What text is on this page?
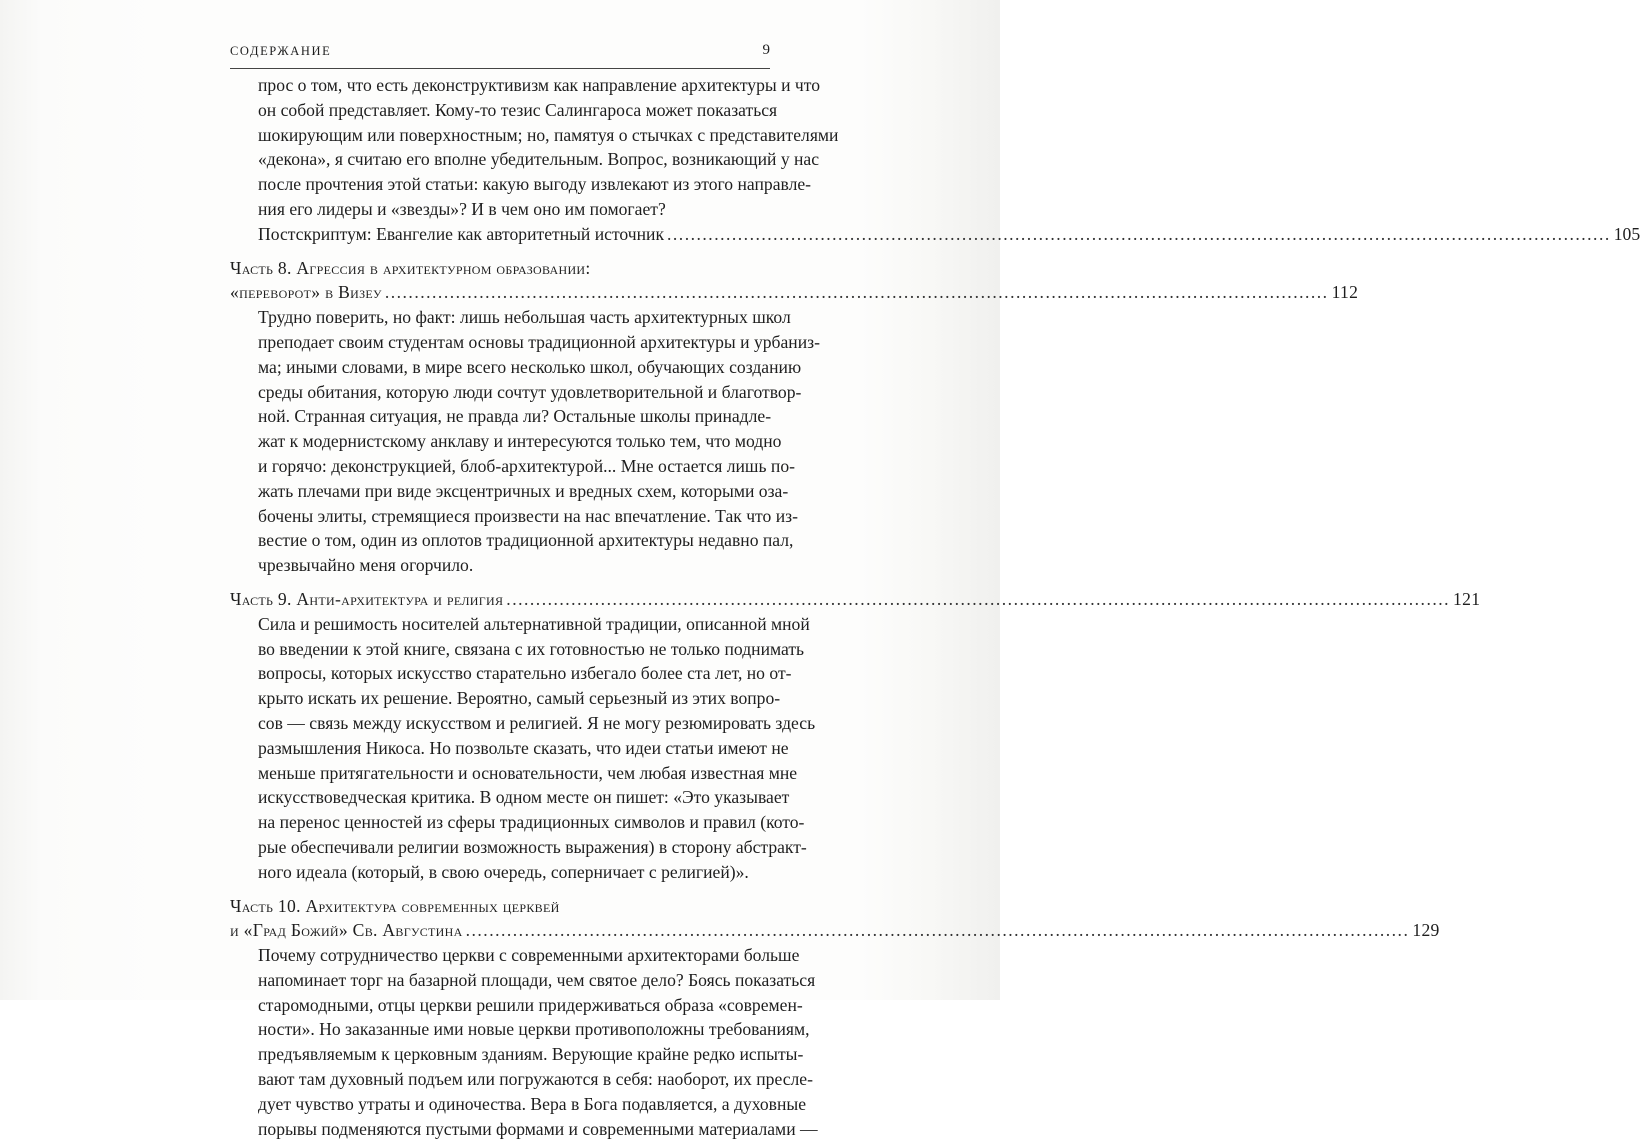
СОДЕРЖАНИЕ	9
прос о том, что есть деконструктивизм как направление архитектуры и что
он собой представляет. Кому-то тезис Салингароса может показаться
шокирующим или поверхностным; но, памятуя о стычках с представителями
«декона», я считаю его вполне убедительным. Вопрос, возникающий у нас
после прочтения этой статьи: какую выгоду извлекают из этого направле-
ния его лидеры и «звезды»? И в чем оно им помогает?
Постскриптум: Евангелие как авторитетный источник .....	105
Часть 8. Агрессия в архитектурном образовании:
«переворот» в Визеу .....	112
Трудно поверить, но факт: лишь небольшая часть архитектурных школ
преподает своим студентам основы традиционной архитектуры и урбаниз-
ма; иными словами, в мире всего несколько школ, обучающих созданию
среды обитания, которую люди сочтут удовлетворительной и благотвор-
ной. Странная ситуация, не правда ли? Остальные школы принадле-
жат к модернистскому анклаву и интересуются только тем, что модно
и горячо: деконструкцией, блоб-архитектурой... Мне остается лишь по-
жать плечами при виде эксцентричных и вредных схем, которыми оза-
бочены элиты, стремящиеся произвести на нас впечатление. Так что из-
вестие о том, один из оплотов традиционной архитектуры недавно пал,
чрезвычайно меня огорчило.
Часть 9. Анти-архитектура и религия .....	121
Сила и решимость носителей альтернативной традиции, описанной мной
во введении к этой книге, связана с их готовностью не только поднимать
вопросы, которых искусство старательно избегало более ста лет, но от-
крыто искать их решение. Вероятно, самый серьезный из этих вопро-
сов — связь между искусством и религией. Я не могу резюмировать здесь
размышления Никоса. Но позвольте сказать, что идеи статьи имеют не
меньше притягательности и основательности, чем любая известная мне
искусствоведческая критика. В одном месте он пишет: «Это указывает
на перенос ценностей из сферы традиционных символов и правил (кото-
рые обеспечивали религии возможность выражения) в сторону абстракт-
ного идеала (который, в свою очередь, соперничает с религией)».
Часть 10. Архитектура современных церквей
и «Град Божий» Св. Августина .....	129
Почему сотрудничество церкви с современными архитекторами больше
напоминает торг на базарной площади, чем святое дело? Боясь показаться
старомодными, отцы церкви решили придерживаться образа «современ-
ности». Но заказанные ими новые церкви противоположны требованиям,
предъявляемым к церковным зданиям. Верующие крайне редко испыты-
вают там духовный подъем или погружаются в себя: наоборот, их пресле-
дует чувство утраты и одиночества. Вера в Бога подавляется, а духовные
порывы подменяются пустыми формами и современными материалами —
